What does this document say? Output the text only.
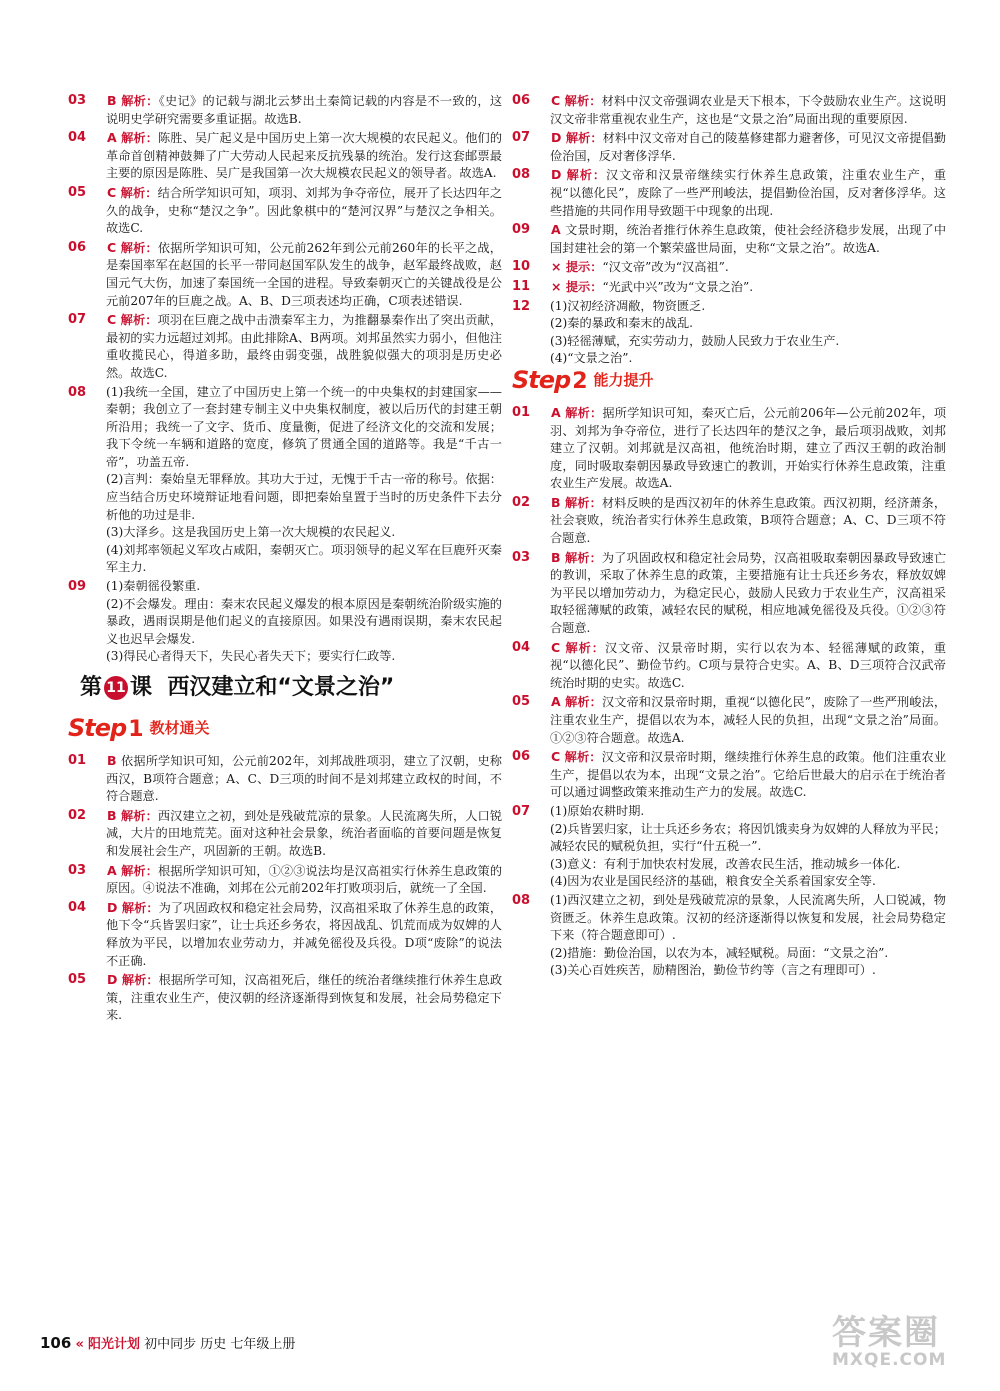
03 B 解析：《史记》的记载与湖北云梦出土秦简记载的内容是不一致的，这说明史学研究需要多重证据。故选B.
04 A 解析：陈胜、吴广起义是中国历史上第一次大规模的农民起义。他们的革命首创精神鼓舞了广大劳动人民起来反抗残暴的统治。发行这套邮票最主要的原因是陈胜、吴广是我国第一次大规模农民起义的领导者。故选A.
05 C 解析：结合所学知识可知，项羽、刘邦为争夺帝位，展开了长达四年之久的战争，史称“楚汉之争”。因此象棋中的“楚河汉界”与楚汉之争相关。故选C.
06 C 解析：依据所学知识可知，公元前262年到公元前260年的长平之战，是秦国率军在赵国的长平一带同赵国军队发生的战争，赵军最终战败，赵国元气大伤，加速了秦国统一全国的进程。导致秦朝灭亡的关键战役是公元前207年的巨鹿之战。A、B、D三项表述均正确，C项表述错误.
07 C 解析：项羽在巨鹿之战中击溃秦军主力，为推翻暴秦作出了突出贡献，最初的实力远超过刘邦。由此排除A、B两项。刘邦虽然实力弱小，但他注重收揽民心，得道多助，最终由弱变强，战胜貌似强大的项羽是历史必然。故选C.
08 (1)我统一全国，建立了中国历史上第一个统一的中央集权的封建国家——秦朝；我创立了一套封建专制主义中央集权制度，被以后历代的封建王朝所沿用；我统一了文字、货币、度量衡，促进了经济文化的交流和发展；我下令统一车辆和道路的宽度，修筑了贯通全国的道路等。我是“千古一帝”，功盖五帝.
(2)言判：秦始皇无罪释放。其功大于过，无愧于千古一帝的称号。依据：应当结合历史环境辩证地看问题，即把秦始皇置于当时的历史条件下去分析他的功过是非.
(3)大泽乡。这是我国历史上第一次大规模的农民起义.
(4)刘邦率领起义军攻占咸阳，秦朝灭亡。项羽领导的起义军在巨鹿歼灭秦军主力.
09 (1)秦朝徭役繁重.
(2)不会爆发。理由：秦末农民起义爆发的根本原因是秦朝统治阶级实施的暴政，遇雨误期是他们起义的直接原因。如果没有遇雨误期，秦末农民起义也迟早会爆发.
(3)得民心者得天下，失民心者失天下；要实行仁政等.
第 11 课 西汉建立和“文景之治”
Step1 教材通关
01 B 依据所学知识可知，公元前202年，刘邦战胜项羽，建立了汉朝，史称西汉，B项符合题意；A、C、D三项的时间不是刘邦建立政权的时间，不符合题意.
02 B 解析：西汉建立之初，到处是残破荒凉的景象。人民流离失所，人口锐减，大片的田地荒芜。面对这种社会景象，统治者面临的首要问题是恢复和发展社会生产，巩固新的王朝。故选B.
03 A 解析：根据所学知识可知，①②③说法均是汉高祖实行休养生息政策的原因。④说法不准确，刘邦在公元前202年打败项羽后，就统一了全国.
04 D 解析：为了巩固政权和稳定社会局势，汉高祖采取了休养生息的政策，他下令“兵皆罢归家”，让士兵还乡务农，将因战乱、饥荒而成为奴婢的人释放为平民，以增加农业劳动力，并减免徭役及兵役。D项“废除”的说法不正确.
05 D 解析：根据所学可知，汉高祖死后，继任的统治者继续推行休养生息政策，注重农业生产，使汉朝的经济逐渐得到恢复和发展，社会局势稳定下来.
06 C 解析：材料中汉文帝强调农业是天下根本，下令鼓励农业生产。这说明汉文帝非常重视农业生产，这也是“文景之治”局面出现的重要原因.
07 D 解析：材料中汉文帝对自己的陵墓修建都力避奢侈，可见汉文帝提倡勤俭治国，反对奢侈浮华.
08 D 解析：汉文帝和汉景帝继续实行休养生息政策，注重农业生产，重视“以德化民”，废除了一些严刑峻法，提倡勤俭治国，反对奢侈浮华。这些措施的共同作用导致题干中现象的出现.
09 A 文景时期，统治者推行休养生息政策，使社会经济稳步发展，出现了中国封建社会的第一个繁荣盛世局面，史称“文景之治”。故选A.
10 × 提示：“汉文帝”改为“汉高祖”.
11 × 提示：“光武中兴”改为“文景之治”.
12 (1)汉初经济凋敝，物资匮乏.
(2)秦的暴政和秦末的战乱.
(3)轻徭薄赋，充实劳动力，鼓励人民致力于农业生产.
(4)“文景之治”.
Step2 能力提升
01 A 解析：据所学知识可知，秦灭亡后，公元前206年—公元前202年，项羽、刘邦为争夺帝位，进行了长达四年的楚汉之争，最后项羽战败，刘邦建立了汉朝。刘邦就是汉高祖，他统治时期，建立了西汉王朝的政治制度，同时吸取秦朝因暴政导致速亡的教训，开始实行休养生息政策，注重农业生产发展。故选A.
02 B 解析：材料反映的是西汉初年的休养生息政策。西汉初期，经济萧条，社会衰败，统治者实行休养生息政策，B项符合题意；A、C、D三项不符合题意.
03 B 解析：为了巩固政权和稳定社会局势，汉高祖吸取秦朝因暴政导致速亡的教训，采取了休养生息的政策，主要措施有让士兵还乡务农，释放奴婢为平民以增加劳动力，为稳定民心，鼓励人民致力于农业生产，汉高祖采取轻徭薄赋的政策，减轻农民的赋税，相应地减免徭役及兵役。①②③符合题意.
04 C 解析：汉文帝、汉景帝时期，实行以农为本、轻徭薄赋的政策，重视“以德化民”、勤俭节约。C项与景符合史实。A、B、D三项符合汉武帝统治时期的史实。故选C.
05 A 解析：汉文帝和汉景帝时期，重视“以德化民”，废除了一些严刑峻法，注重农业生产，提倡以农为本，减轻人民的负担，出现“文景之治”局面。①②③符合题意。故选A.
06 C 解析：汉文帝和汉景帝时期，继续推行休养生息的政策。他们注重农业生产，提倡以农为本，出现“文景之治”。它给后世最大的启示在于统治者可以通过调整政策来推动生产力的发展。故选C.
07 (1)原始农耕时期.
(2)兵皆罢归家，让士兵还乡务农；将因饥饿卖身为奴婢的人释放为平民；减轻农民的赋税负担，实行“什五税一”.
(3)意义：有利于加快农村发展，改善农民生活，推动城乡一体化.
(4)因为农业是国民经济的基础，粮食安全关系着国家安全等.
08 (1)西汉建立之初，到处是残破荒凉的景象，人民流离失所，人口锐减，物资匮乏。休养生息政策。汉初的经济逐渐得以恢复和发展，社会局势稳定下来（符合题意即可）.
(2)措施：勤俭治国，以农为本，减轻赋税。局面：“文景之治”.
(3)关心百姓疾苦，励精图治，勤俭节约等（言之有理即可）.
106 « 阳光计划 初中同步 历史 七年级上册	答案圈
MXQE.COM
